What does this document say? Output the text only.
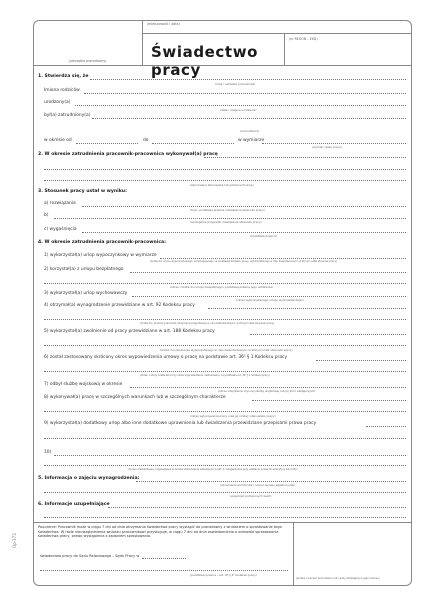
(pieczątka pracodawcy)
(miejscowość i data)
Świadectwo pracy
(nr REGON – EKD)
1. Stwierdza się, że
(imię i nazwisko pracownika)
Imiona rodziców
urodzony(a)
(data i miejsce urodzenia)
był(a) zatrudniony(a)
(pracodawca)
w okresie od	do	w wymiarze
(wymiar czasu pracy)
2. W okresie zatrudnienia pracownik-pracownica wykonywał(a) pracę
(zajmowane stanowiska lub pełnione funkcje)
3. Stosunek pracy ustał w wyniku:
a) rozwiązania
(tryb i podstawa prawna rozwiązania stosunku pracy)
b)
(szczególne przypadki rozwiązania stosunku pracy)
c) wygaśnięcia
(podstawa prawna)
4. W okresie zatrudnienia pracownik-pracownica:
1) wykorzystał(a) urlop wypoczynkowy w wymiarze
(liczba dni urlopu wypoczynkowego, przysługującego na podstawie Kodeksu pracy, wykorzystanego w roku kalendarzowym, w którym ustał stosunek pracy)
2) korzystał(a) z urlopu bezpłatnego
(okres i liczba dni urlopu bezpłatnego i podstawa prawna jego udzielenia)
3) wykorzystał(a) urlop wychowawczy
(okres wykorzystanego urlopu wychowawczego)
4) otrzymał(a) wynagrodzenie przewidziane w art. 92 Kodeksu pracy
(liczba dni, za które pracownik otrzymał wynagrodzenie w roku kalendarzowym, w którym ustał stosunek pracy)
5) wykorzystał(a) zwolnienie od pracy przewidziane w art. 188 Kodeksu pracy
(liczba dni zwolnienia wykorzystanego w roku kalendarzowym, w którym ustał stosunek pracy)
6) został zastosowany skrócony okres wypowiedzenia umowy o pracę na podstawie art. 36¹ § 1 Kodeksu pracy
(okres, o który został skrócony okres wypowiedzenia, zastosowany na podstawie art. 36¹ § 1 Kodeksu pracy)
7) odbył służbę wojskową w okresie
(okres odbywania czynnej służby wojskowej lub jej form zastępczych)
8) wykonywał(a) pracę w szczególnych warunkach lub w szczególnym charakterze
(okres wykonywania pracy oraz jej rodzaj i stanowisko pracy)
9) wykorzystał(a) dodatkowy urlop albo inne dodatkowe uprawnienia lub świadczenia przewidziane przepisami prawa pracy
10)
(okresy nieskładkowe, przypadające w okresie zatrudnienia wskazanym w pkt. 1, uwzględniane przy ustalaniu prawa do emerytury lub renty)
5. Informacja o zajęciu wynagrodzenia:
(oznaczenie komornika i numer sprawy egzekucyjnej)
(wysokość potrąconych kwot)
6. Informacje uzupełniające
Pouczenie: Pracownik może w ciągu 7 dni od dnia otrzymania świadectwa pracy wystąpić do pracodawcy z wnioskiem o sprostowanie tego świadectwa. W razie nieuwzględnienia wniosku pracownikowi przysługuje, w ciągu 7 dni od dnia zawiadomienia o odmowie sprostowania świadectwa pracy, prawo wystąpienia z żądaniem sprostowania.
świadectwa pracy do Sądu Rejonowego – Sądu Pracy w
(podstawa prawna – art. 97 § 2¹ Kodeksu pracy)
(podpis i pieczęć pracodawcy lub osoby działającej w jego imieniu)
Op-373
